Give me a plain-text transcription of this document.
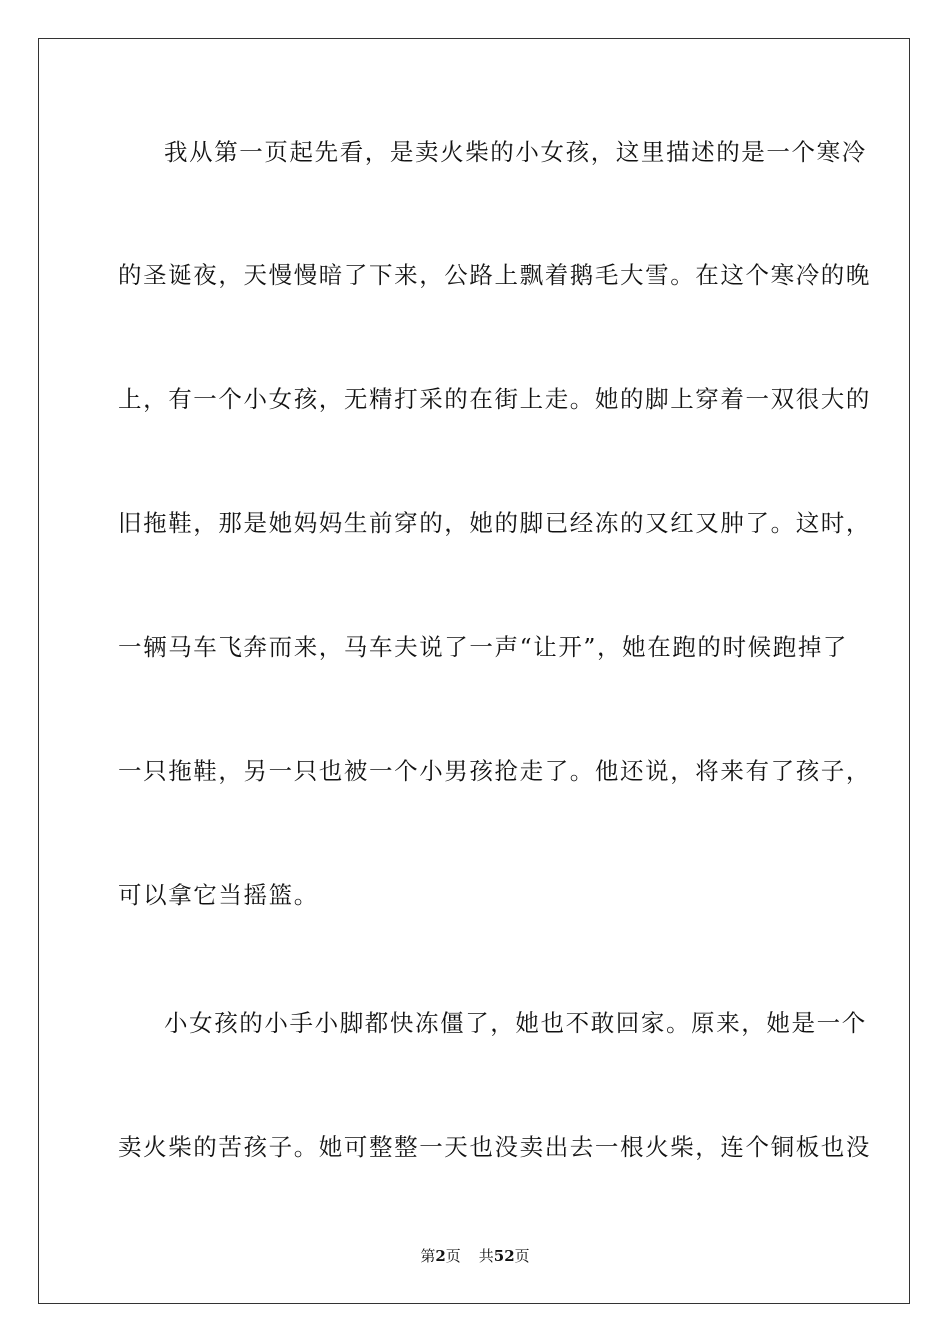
我从第一页起先看，是卖火柴的小女孩，这里描述的是一个寒冷
的圣诞夜，天慢慢暗了下来，公路上飘着鹅毛大雪。在这个寒冷的晚
上，有一个小女孩，无精打采的在街上走。她的脚上穿着一双很大的
旧拖鞋，那是她妈妈生前穿的，她的脚已经冻的又红又肿了。这时，
一辆马车飞奔而来，马车夫说了一声“让开”，她在跑的时候跑掉了
一只拖鞋，另一只也被一个小男孩抢走了。他还说，将来有了孩子，
可以拿它当摇篮。
小女孩的小手小脚都快冻僵了，她也不敢回家。原来，她是一个
卖火柴的苦孩子。她可整整一天也没卖出去一根火柴，连个铜板也没
第2页 共52页
